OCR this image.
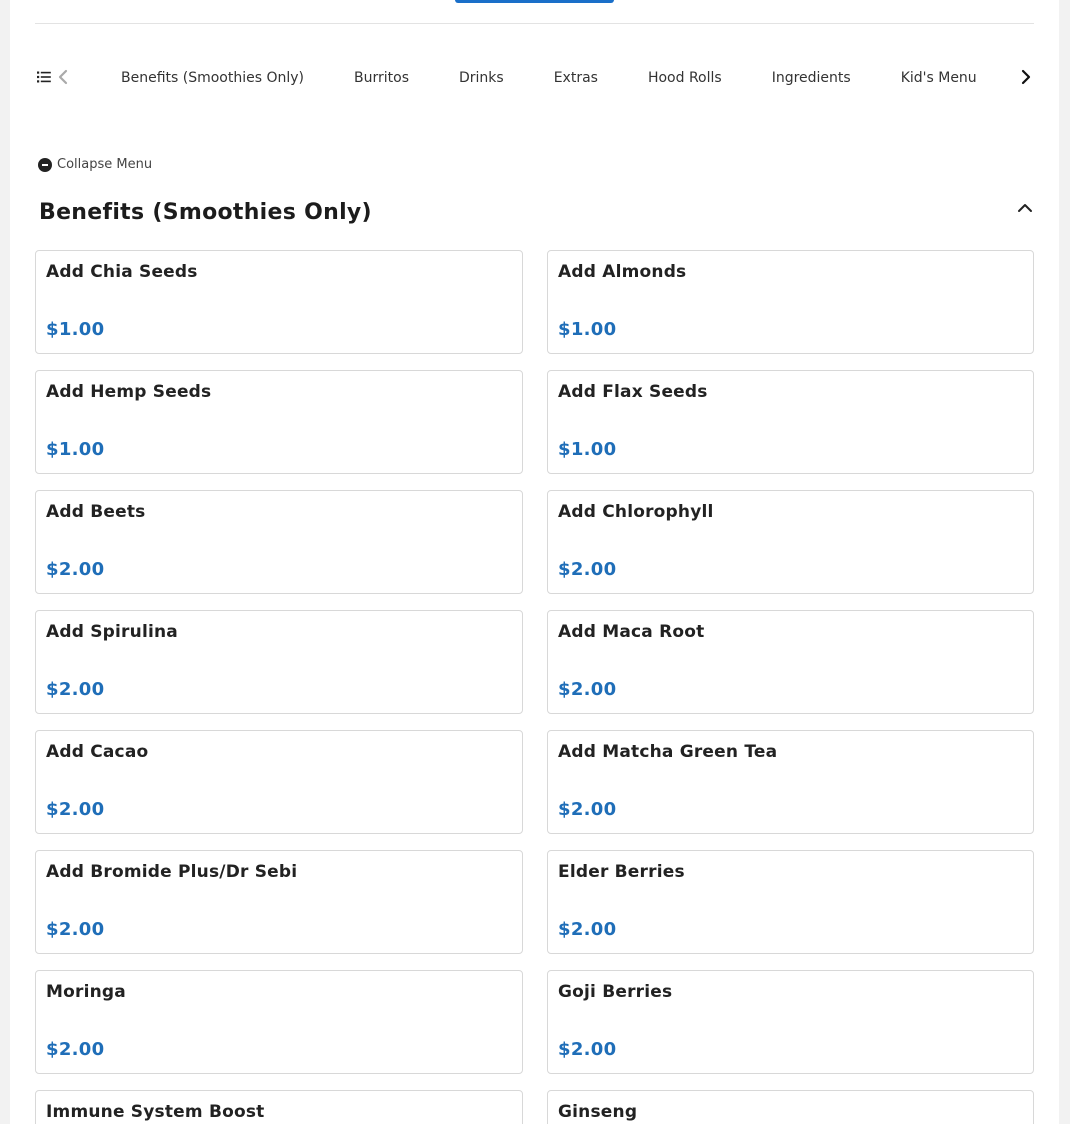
Benefits (Smoothies Only)	Burritos	Drinks	Extras	Hood Rolls	Ingredients	Kid's Menu
Collapse Menu
Benefits (Smoothies Only)
Add Chia Seeds
$1.00
Add Almonds
$1.00
Add Hemp Seeds
$1.00
Add Flax Seeds
$1.00
Add Beets
$2.00
Add Chlorophyll
$2.00
Add Spirulina
$2.00
Add Maca Root
$2.00
Add Cacao
$2.00
Add Matcha Green Tea
$2.00
Add Bromide Plus/Dr Sebi
$2.00
Elder Berries
$2.00
Moringa
$2.00
Goji Berries
$2.00
Immune System Boost	Ginseng
